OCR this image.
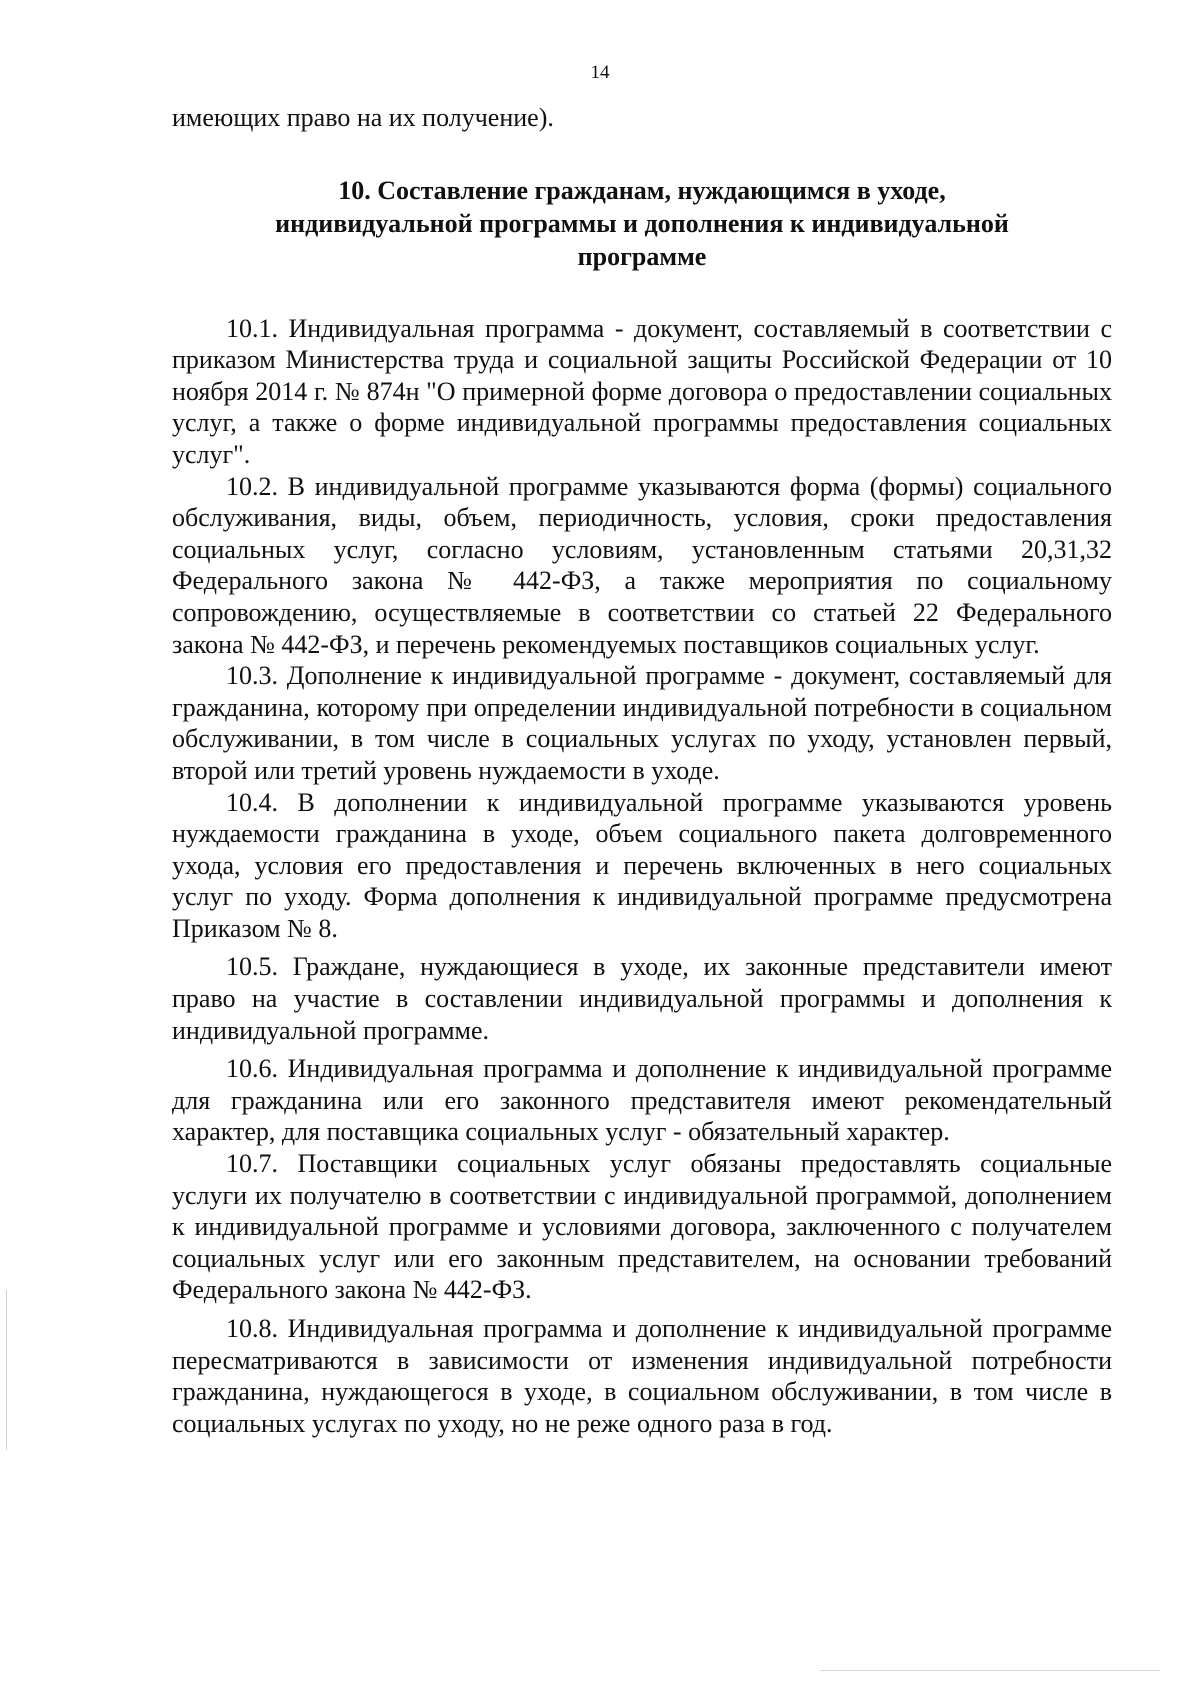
14

имеющих право на их получение).

10. Составление гражданам, нуждающимся в уходе,
индивидуальной программы и дополнения к индивидуальной
программе

10.1. Индивидуальная программа - документ, составляемый в соответствии с приказом Министерства труда и социальной защиты Российской Федерации от 10 ноября 2014 г. № 874н "О примерной форме договора о предоставлении социальных услуг, а также о форме индивидуальной программы предоставления социальных услуг".

10.2. В индивидуальной программе указываются форма (формы) социального обслуживания, виды, объем, периодичность, условия, сроки предоставления социальных услуг, согласно условиям, установленным статьями 20,31,32 Федерального закона № 442-ФЗ, а также мероприятия по социальному сопровождению, осуществляемые в соответствии со статьей 22 Федерального закона № 442-ФЗ, и перечень рекомендуемых поставщиков социальных услуг.

10.3. Дополнение к индивидуальной программе - документ, составляемый для гражданина, которому при определении индивидуальной потребности в социальном обслуживании, в том числе в социальных услугах по уходу, установлен первый, второй или третий уровень нуждаемости в уходе.

10.4. В дополнении к индивидуальной программе указываются уровень нуждаемости гражданина в уходе, объем социального пакета долговременного ухода, условия его предоставления и перечень включенных в него социальных услуг по уходу. Форма дополнения к индивидуальной программе предусмотрена Приказом № 8.

10.5. Граждане, нуждающиеся в уходе, их законные представители имеют право на участие в составлении индивидуальной программы и дополнения к индивидуальной программе.

10.6. Индивидуальная программа и дополнение к индивидуальной программе для гражданина или его законного представителя имеют рекомендательный характер, для поставщика социальных услуг - обязательный характер.

10.7. Поставщики социальных услуг обязаны предоставлять социальные услуги их получателю в соответствии с индивидуальной программой, дополнением к индивидуальной программе и условиями договора, заключенного с получателем социальных услуг или его законным представителем, на основании требований Федерального закона № 442-ФЗ.

10.8. Индивидуальная программа и дополнение к индивидуальной программе пересматриваются в зависимости от изменения индивидуальной потребности гражданина, нуждающегося в уходе, в социальном обслуживании, в том числе в социальных услугах по уходу, но не реже одного раза в год.
